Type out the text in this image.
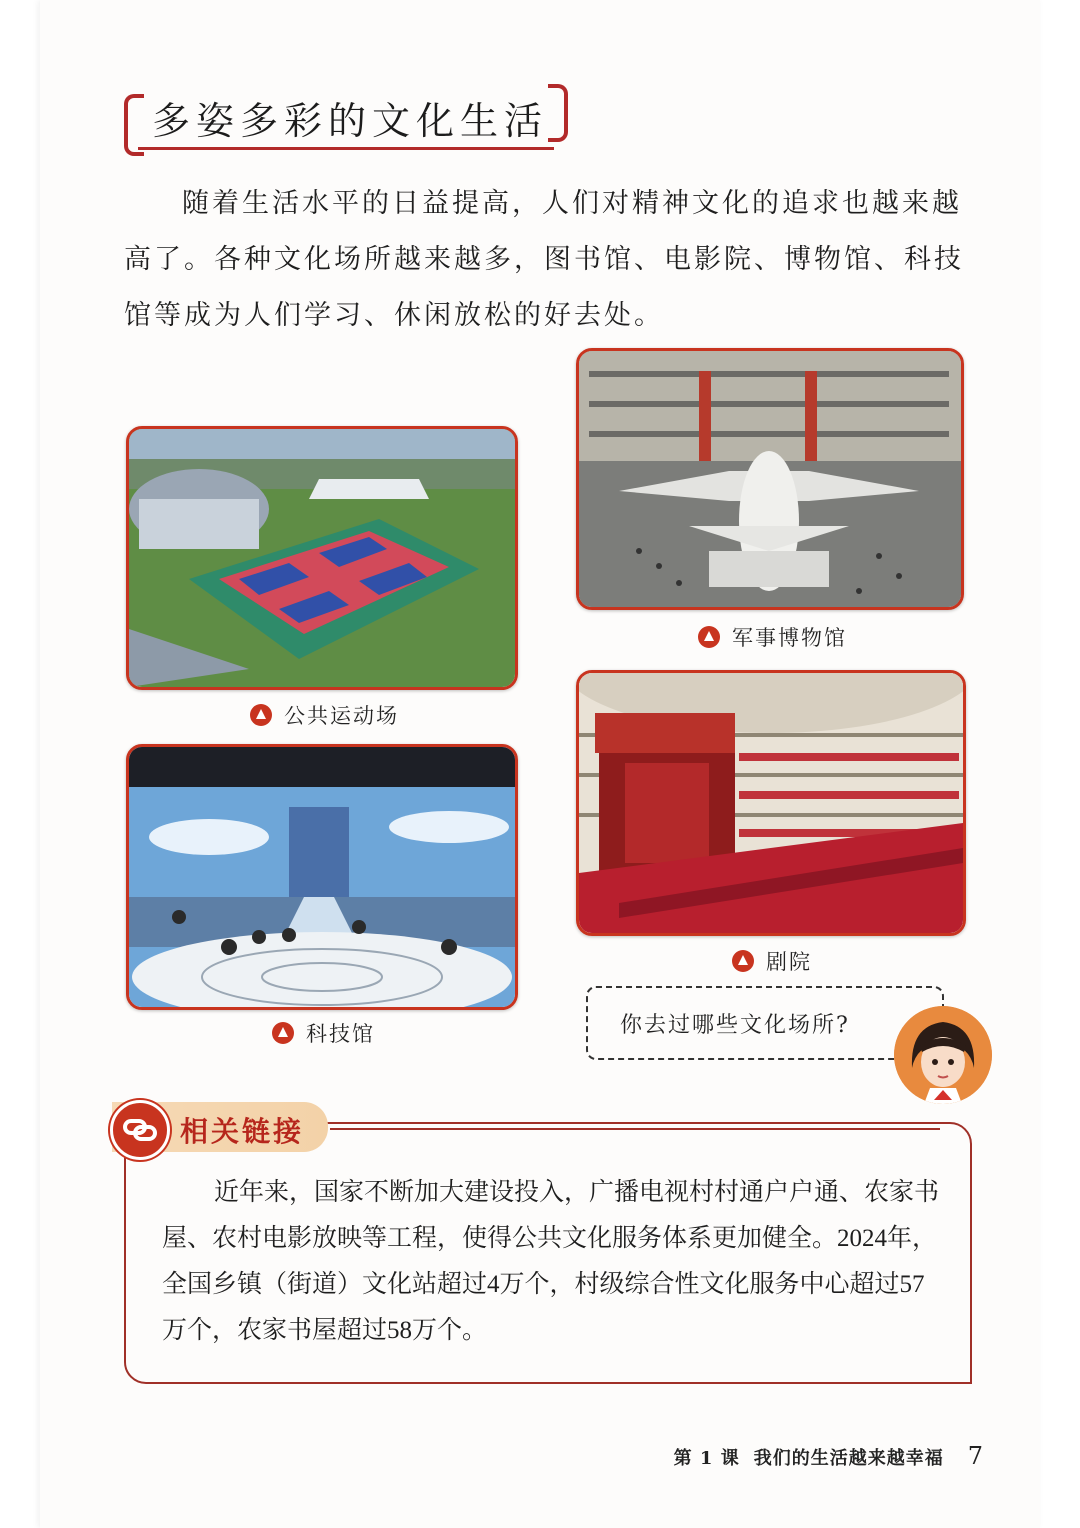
多姿多彩的文化生活
随着生活水平的日益提高，人们对精神文化的追求也越来越高了。各种文化场所越来越多，图书馆、电影院、博物馆、科技馆等成为人们学习、休闲放松的好去处。
军事博物馆
公共运动场
剧院
科技馆	你去过哪些文化场所?
相关链接
近年来，国家不断加大建设投入，广播电视村村通户户通、农家书屋、农村电影放映等工程，使得公共文化服务体系更加健全。2024年，全国乡镇（街道）文化站超过4万个，村级综合性文化服务中心超过57万个，农家书屋超过58万个。
第 1 课 我们的生活越来越幸福 7
